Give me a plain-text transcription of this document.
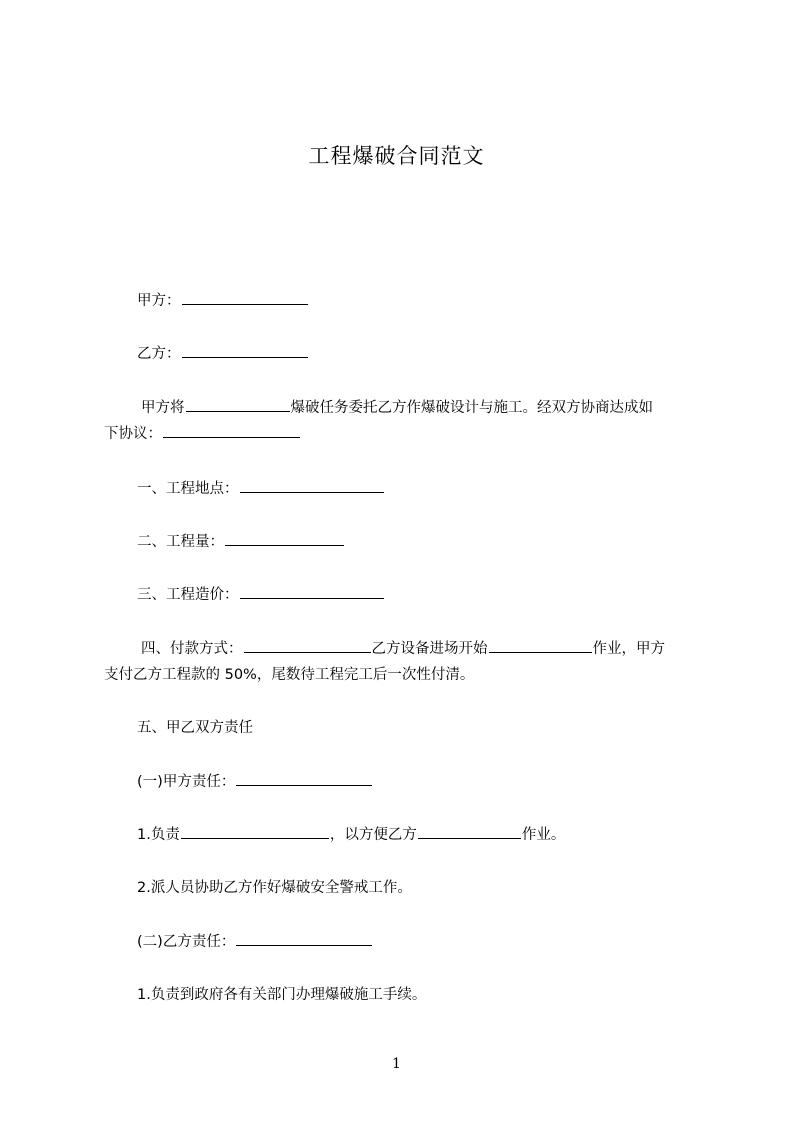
工程爆破合同范文
甲方：
乙方：
甲方将	爆破任务委托乙方作爆破设计与施工。经双方协商达成如
下协议：
一、工程地点：
二、工程量：
三、工程造价：
四、付款方式：	乙方设备进场开始	作业，甲方
支付乙方工程款的 50%，尾数待工程完工后一次性付清。
五、甲乙双方责任
(一)甲方责任：
1.负责	，以方便乙方	作业。
2.派人员协助乙方作好爆破安全警戒工作。
(二)乙方责任：
1.负责到政府各有关部门办理爆破施工手续。
1
